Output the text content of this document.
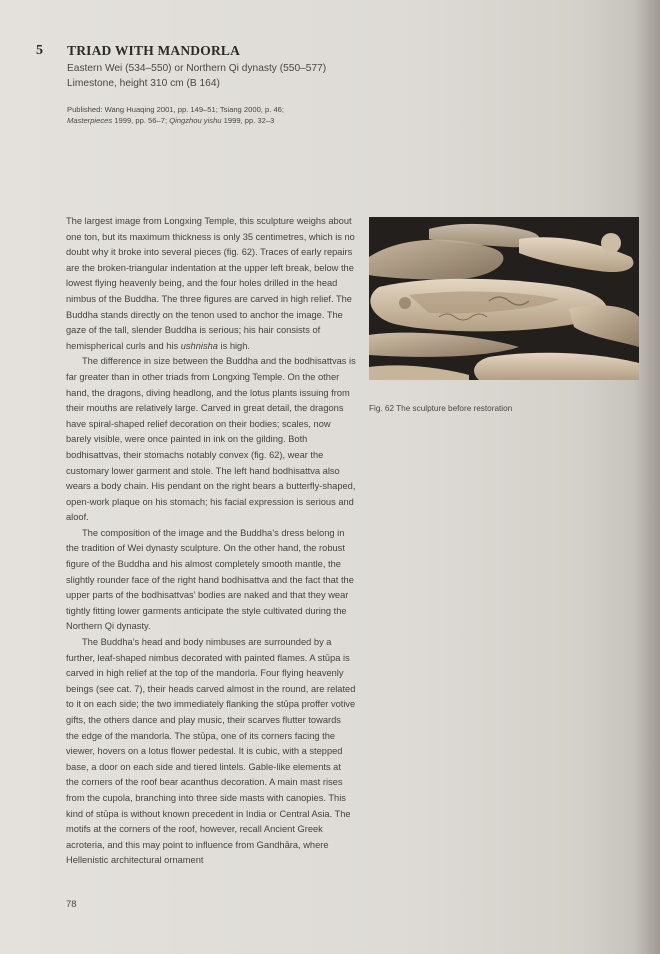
5 TRIAD WITH MANDORLA
Eastern Wei (534–550) or Northern Qi dynasty (550–577)
Limestone, height 310 cm (B 164)
Published: Wang Huaqing 2001, pp. 149–51; Tsiang 2000, p. 46;
Masterpieces 1999, pp. 56–7; Qingzhou yishu 1999, pp. 32–3

The largest image from Longxing Temple, this sculpture weighs about one ton, but its maximum thickness is only 35 centimetres, which is no doubt why it broke into several pieces (fig. 62). Traces of early repairs are the broken-triangular indentation at the upper left break, below the lowest flying heavenly being, and the four holes drilled in the head nimbus of the Buddha. The three figures are carved in high relief. The Buddha stands directly on the tenon used to anchor the image. The gaze of the tall, slender Buddha is serious; his hair consists of hemispherical curls and his ushnisha is high.

The difference in size between the Buddha and the bodhisattvas is far greater than in other triads from Longxing Temple. On the other hand, the dragons, diving headlong, and the lotus plants issuing from their mouths are relatively large. Carved in great detail, the dragons have spiral-shaped relief decoration on their bodies; scales, now barely visible, were once painted in ink on the gilding. Both bodhisattvas, their stomachs notably convex (fig. 62), wear the customary lower garment and stole. The left hand bodhisattva also wears a body chain. His pendant on the right bears a butterfly-shaped, open-work plaque on his stomach; his facial expression is serious and aloof.

The composition of the image and the Buddha’s dress belong in the tradition of Wei dynasty sculpture. On the other hand, the robust figure of the Buddha and his almost completely smooth mantle, the slightly rounder face of the right hand bodhisattva and the fact that the upper parts of the bodhisattvas’ bodies are naked and that they wear tightly fitting lower garments anticipate the style cultivated during the Northern Qi dynasty.

The Buddha’s head and body nimbuses are surrounded by a further, leaf-shaped nimbus decorated with painted flames. A stūpa is carved in high relief at the top of the mandorla. Four flying heavenly beings (see cat. 7), their heads carved almost in the round, are related to it on each side; the two immediately flanking the stūpa proffer votive gifts, the others dance and play music, their scarves flutter towards the edge of the mandorla. The stūpa, one of its corners facing the viewer, hovers on a lotus flower pedestal. It is cubic, with a stepped base, a door on each side and tiered lintels. Gable-like elements at the corners of the roof bear acanthus decoration. A main mast rises from the cupola, branching into three side masts with canopies. This kind of stūpa is without known precedent in India or Central Asia. The motifs at the corners of the roof, however, recall Ancient Greek acroteria, and this may point to influence from Gandhāra, where Hellenistic architectural ornament

Fig. 62 The sculpture before restoration
78
